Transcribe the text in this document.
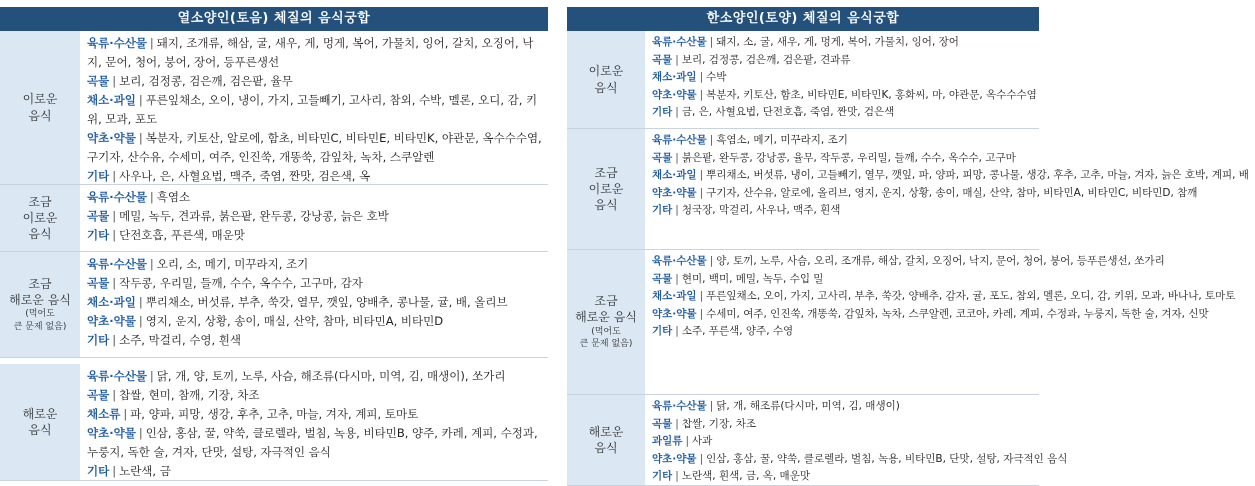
열소양인(토음) 체질의 음식궁합
이로운
음식

육류·수산물 | 돼지, 조개류, 해삼, 굴, 새우, 게, 멍게, 복어, 가물치, 잉어, 갈치, 오징어, 낙지, 문어, 청어, 붕어, 장어, 등푸른생선

곡물 | 보리, 검정콩, 검은깨, 검은팥, 율무

채소·과일 | 푸른잎채소, 오이, 냉이, 가지, 고들빼기, 고사리, 참외, 수박, 멜론, 오디, 감, 키위, 모과, 포도

약초·약물 | 복분자, 키토산, 알로에, 함초, 비타민C, 비타민E, 비타민K, 야관문, 옥수수수염, 구기자, 산수유, 수세미, 여주, 인진쑥, 개똥쑥, 감잎차, 녹차, 스쿠알렌

기타 | 사우나, 은, 사혈요법, 맥주, 죽염, 짠맛, 검은색, 옥

조금
이로운
음식

육류·수산물 | 흑염소

곡물 | 메밀, 녹두, 견과류, 붉은팥, 완두콩, 강낭콩, 늙은 호박

기타 | 단전호흡, 푸른색, 매운맛

조금
해로운 음식
(먹어도
큰 문제 없음)

육류·수산물 | 오리, 소, 메기, 미꾸라지, 조기

곡물 | 작두콩, 우리밀, 들깨, 수수, 옥수수, 고구마, 감자

채소·과일 | 뿌리채소, 버섯류, 부추, 쑥갓, 열무, 깻잎, 양배추, 콩나물, 귤, 배, 올리브

약초·약물 | 영지, 운지, 상황, 송이, 매실, 산약, 참마, 비타민A, 비타민D

기타 | 소주, 막걸리, 수영, 흰색

해로운
음식

육류·수산물 | 닭, 개, 양, 토끼, 노루, 사슴, 해조류(다시마, 미역, 김, 매생이), 쏘가리

곡물 | 찹쌀, 현미, 참깨, 기장, 차조

채소류 | 파, 양파, 피망, 생강, 후추, 고추, 마늘, 겨자, 계피, 토마토

약초·약물 | 인삼, 홍삼, 꿀, 약쑥, 클로렐라, 벌침, 녹용, 비타민B, 양주, 카레, 계피, 수정과, 누룽지, 독한 술, 겨자, 단맛, 설탕, 자극적인 음식

기타 | 노란색, 금

한소양인(토양) 체질의 음식궁합
이로운
음식

육류·수산물 | 돼지, 소, 굴, 새우, 게, 멍게, 복어, 가물치, 잉어, 장어

곡물 | 보리, 검정콩, 검은깨, 검은팥, 견과류

채소·과일 | 수박

약초·약물 | 복분자, 키토산, 함초, 비타민E, 비타민K, 홍화씨, 마, 야관문, 옥수수수염

기타 | 금, 은, 사혈요법, 단전호흡, 죽염, 짠맛, 검은색

조금
이로운
음식

육류·수산물 | 흑염소, 메기, 미꾸라지, 조기

곡물 | 붉은팥, 완두콩, 강낭콩, 율무, 작두콩, 우리밀, 들깨, 수수, 옥수수, 고구마

채소·과일 | 뿌리채소, 버섯류, 냉이, 고들빼기, 열무, 깻잎, 파, 양파, 피망, 콩나물, 생강, 후추, 고추, 마늘, 겨자, 늙은 호박, 계피, 배

약초·약물 | 구기자, 산수유, 알로에, 올리브, 영지, 운지, 상황, 송이, 매실, 산약, 참마, 비타민A, 비타민C, 비타민D, 참깨

기타 | 청국장, 막걸리, 사우나, 맥주, 흰색

조금
해로운 음식
(먹어도
큰 문제 없음)

육류·수산물 | 양, 토끼, 노루, 사슴, 오리, 조개류, 해삼, 갈치, 오징어, 낙지, 문어, 청어, 붕어, 등푸른생선, 쏘가리

곡물 | 현미, 백미, 메밀, 녹두, 수입 밀

채소·과일 | 푸른잎채소, 오이, 가지, 고사리, 부추, 쑥갓, 양배추, 감자, 귤, 포도, 참외, 멜론, 오디, 감, 키위, 모과, 바나나, 토마토

약초·약물 | 수세미, 여주, 인진쑥, 개똥쑥, 감잎차, 녹차, 스쿠알렌, 코코아, 카레, 계피, 수정과, 누룽지, 독한 술, 겨자, 신맛

기타 | 소주, 푸른색, 양주, 수영

해로운
음식

육류·수산물 | 닭, 개, 해조류(다시마, 미역, 김, 매생이)

곡물 | 찹쌀, 기장, 차조

과일류 | 사과

약초·약물 | 인삼, 홍삼, 꿀, 약쑥, 클로렐라, 벌침, 녹용, 비타민B, 단맛, 설탕, 자극적인 음식

기타 | 노란색, 흰색, 금, 옥, 매운맛
